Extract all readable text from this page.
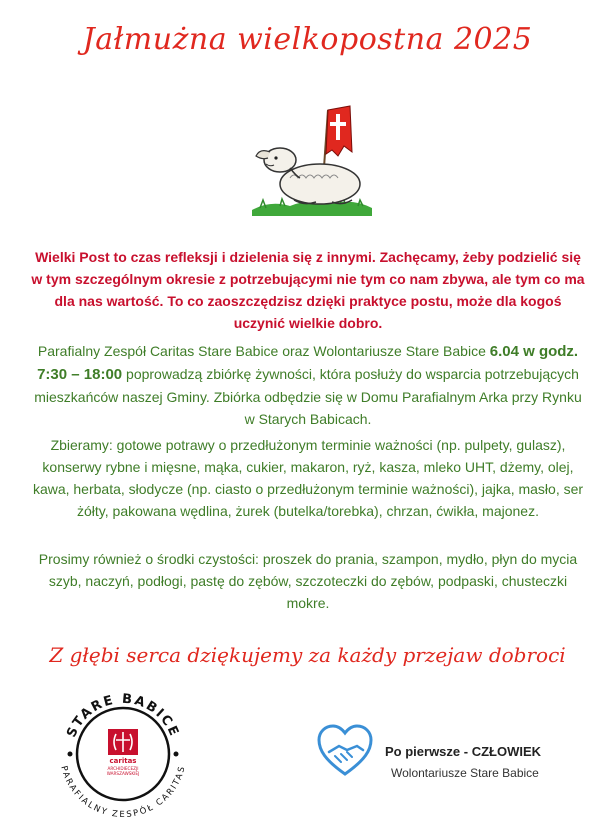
Jałmużna wielkopostna 2025
Wielki Post to czas refleksji i dzielenia się z innymi. Zachęcamy, żeby podzielić się w tym szczególnym okresie z potrzebującymi nie tym co nam zbywa, ale tym co ma dla nas wartość. To co zaoszczędzisz dzięki praktyce postu, może dla kogoś uczynić wielkie dobro.
Parafialny Zespół Caritas Stare Babice oraz Wolontariusze Stare Babice 6.04 w godz. 7:30 – 18:00 poprowadzą zbiórkę żywności, która posłuży do wsparcia potrzebujących mieszkańców naszej Gminy. Zbiórka odbędzie się w Domu Parafialnym Arka przy Rynku w Starych Babicach.
Zbieramy: gotowe potrawy o przedłużonym terminie ważności (np. pulpety, gulasz), konserwy rybne i mięsne, mąka, cukier, makaron, ryż, kasza, mleko UHT, dżemy, olej, kawa, herbata, słodycze (np. ciasto o przedłużonym terminie ważności), jajka, masło, ser żółty, pakowana wędlina, żurek (butelka/torebka), chrzan, ćwikła, majonez.
Prosimy również o środki czystości: proszek do prania, szampon, mydło, płyn do mycia szyb, naczyń, podłogi, pastę do zębów, szczoteczki do zębów, podpaski, chusteczki mokre.
Z głębi serca dziękujemy za każdy przejaw dobroci
STARE BABICE
PARAFIALNY ZESPÓŁ CARITAS
caritas
ARCHIDIECEZJI
WARSZAWSKIEJ
Po pierwsze - CZŁOWIEK
Wolontariusze Stare Babice
